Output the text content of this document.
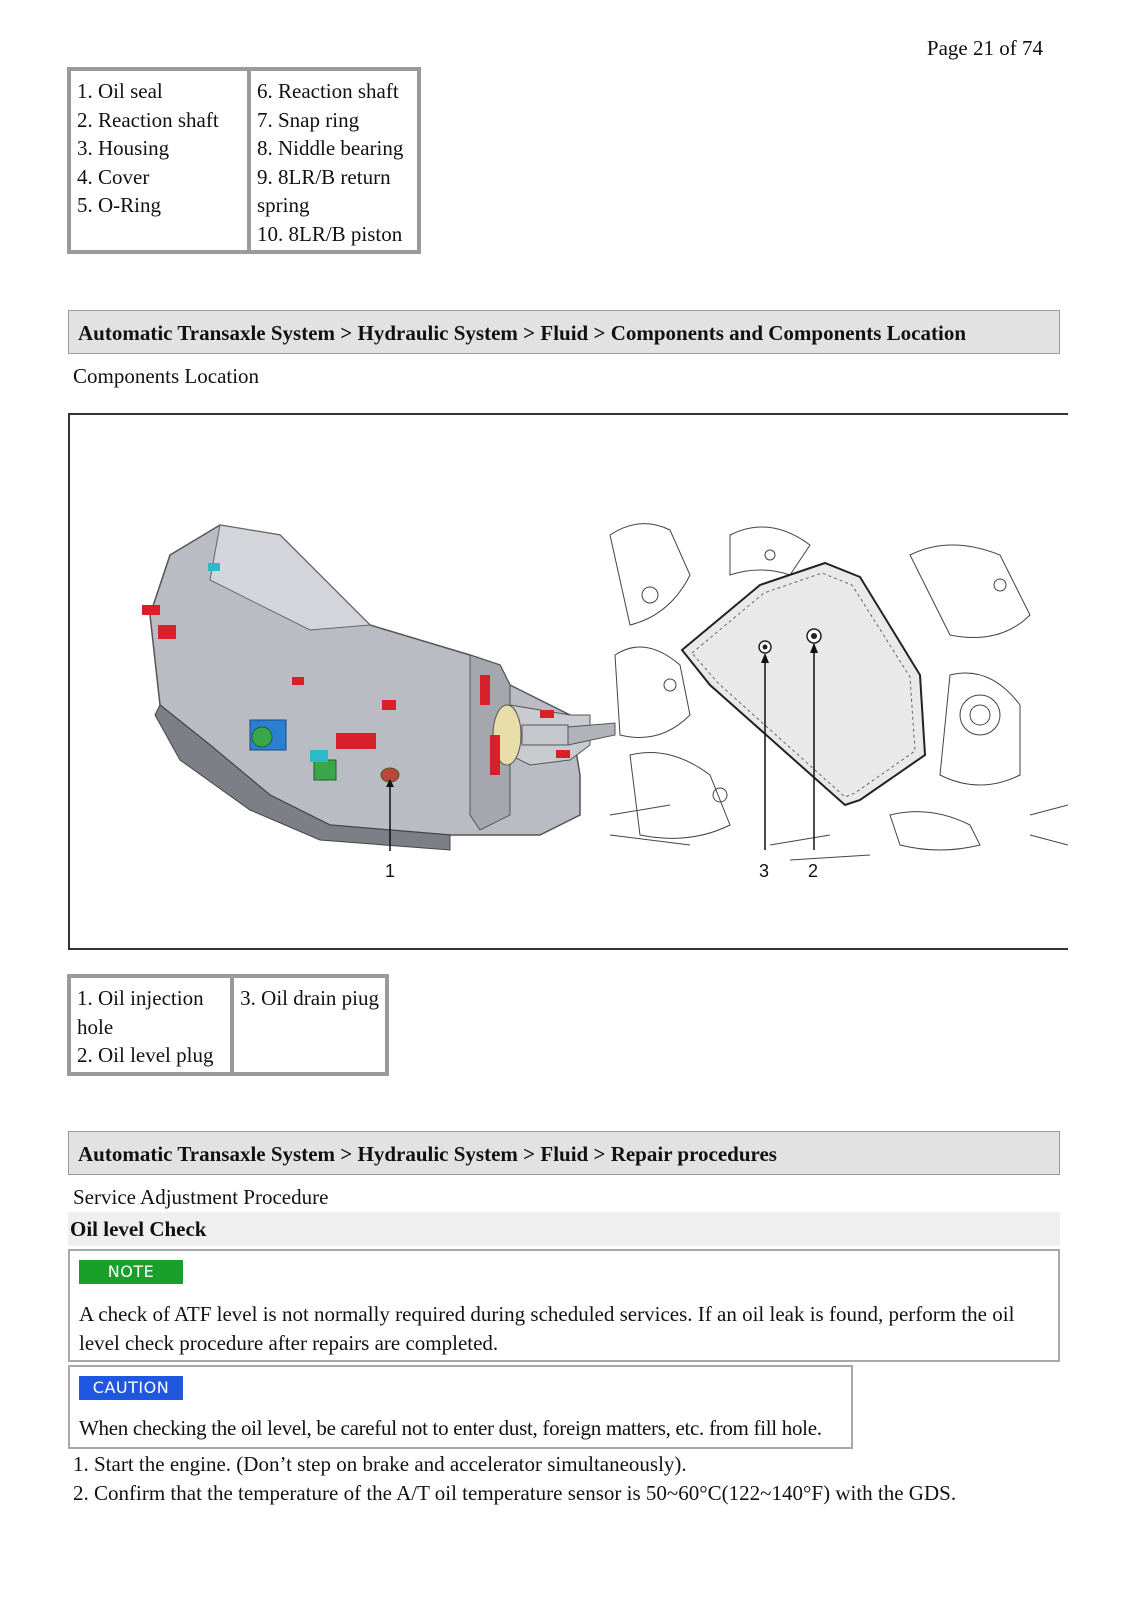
Page 21 of 74
1. Oil seal
2. Reaction shaft
3. Housing
4. Cover
5. O-Ring

6. Reaction shaft
7. Snap ring
8. Niddle bearing
9. 8LR/B return
spring
10. 8LR/B piston
Automatic Transaxle System > Hydraulic System > Fluid > Components and Components Location
Components Location
1	3 2
1. Oil injection
hole
2. Oil level plug

3. Oil drain piug
Automatic Transaxle System > Hydraulic System > Fluid > Repair procedures
Service Adjustment Procedure
Oil level Check
NOTE
A check of ATF level is not normally required during scheduled services. If an oil leak is found, perform the oil
level check procedure after repairs are completed.
CAUTION
When checking the oil level, be careful not to enter dust, foreign matters, etc. from fill hole.
1. Start the engine. (Don’t step on brake and accelerator simultaneously).
2. Confirm that the temperature of the A/T oil temperature sensor is 50~60°C(122~140°F) with the GDS.
